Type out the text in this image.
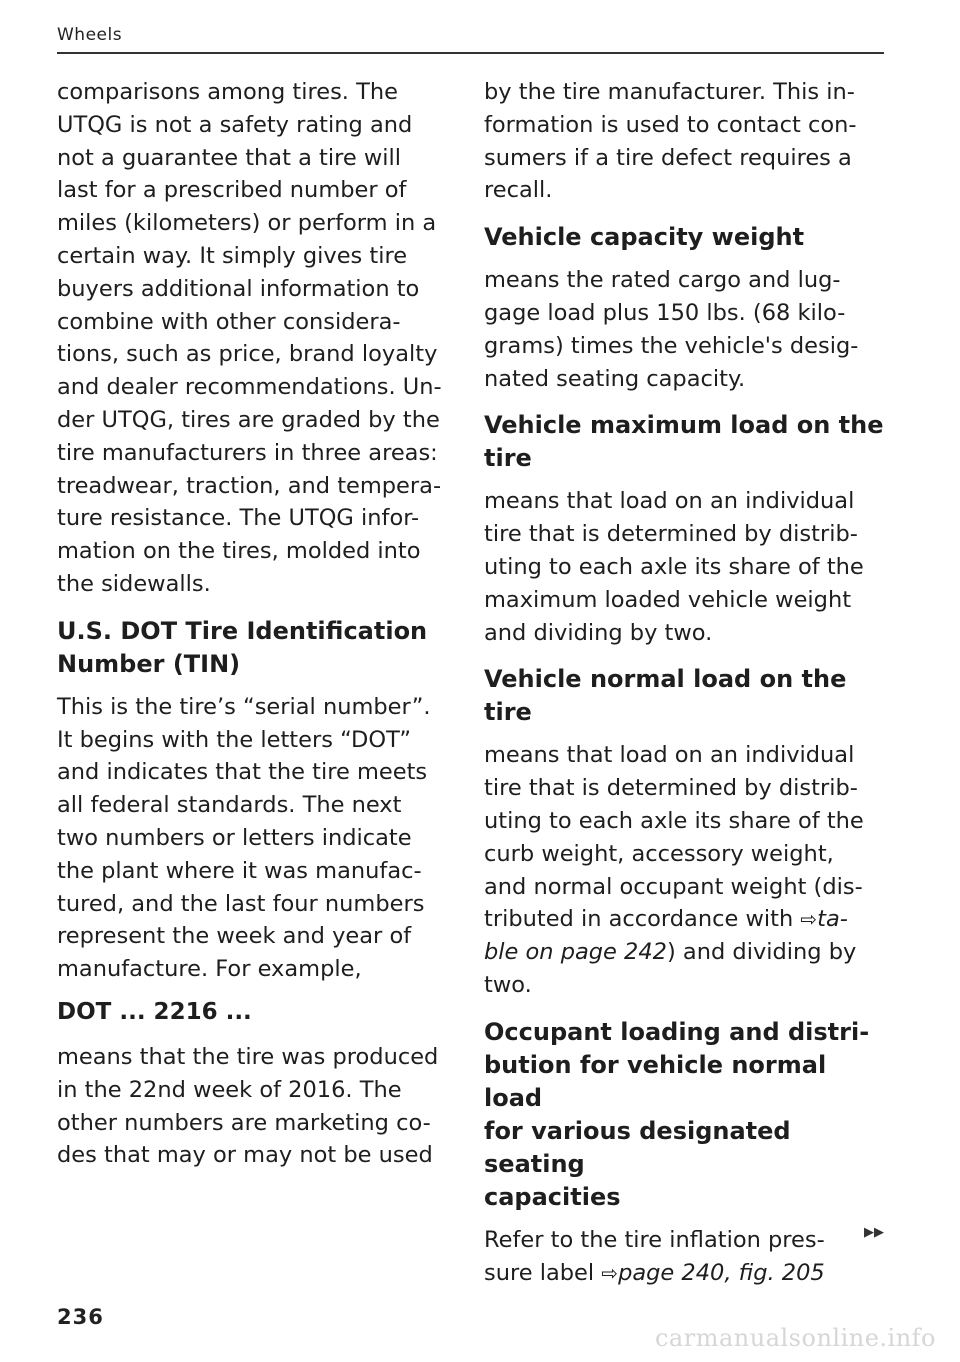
Wheels

comparisons among tires. The
UTQG is not a safety rating and
not a guarantee that a tire will
last for a prescribed number of
miles (kilometers) or perform in a
certain way. It simply gives tire
buyers additional information to
combine with other considera-
tions, such as price, brand loyalty
and dealer recommendations. Un-
der UTQG, tires are graded by the
tire manufacturers in three areas:
treadwear, traction, and tempera-
ture resistance. The UTQG infor-
mation on the tires, molded into
the sidewalls.

U.S. DOT Tire Identification
Number (TIN)

This is the tire’s “serial number”.
It begins with the letters “DOT”
and indicates that the tire meets
all federal standards. The next
two numbers or letters indicate
the plant where it was manufac-
tured, and the last four numbers
represent the week and year of
manufacture. For example,

DOT ... 2216 ...

means that the tire was produced
in the 22nd week of 2016. The
other numbers are marketing co-
des that may or may not be used

by the tire manufacturer. This in-
formation is used to contact con-
sumers if a tire defect requires a
recall.

Vehicle capacity weight

means the rated cargo and lug-
gage load plus 150 lbs. (68 kilo-
grams) times the vehicle's desig-
nated seating capacity.

Vehicle maximum load on the
tire

means that load on an individual
tire that is determined by distrib-
uting to each axle its share of the
maximum loaded vehicle weight
and dividing by two.

Vehicle normal load on the tire

means that load on an individual
tire that is determined by distrib-
uting to each axle its share of the
curb weight, accessory weight,
and normal occupant weight (dis-
tributed in accordance with ⇨ta-
ble on page 242) and dividing by
two.

Occupant loading and distri-
bution for vehicle normal load
for various designated seating
capacities

Refer to the tire inflation pres-
sure label ⇨page 240, fig. 205

▶▶
236
carmanualsonline.info
